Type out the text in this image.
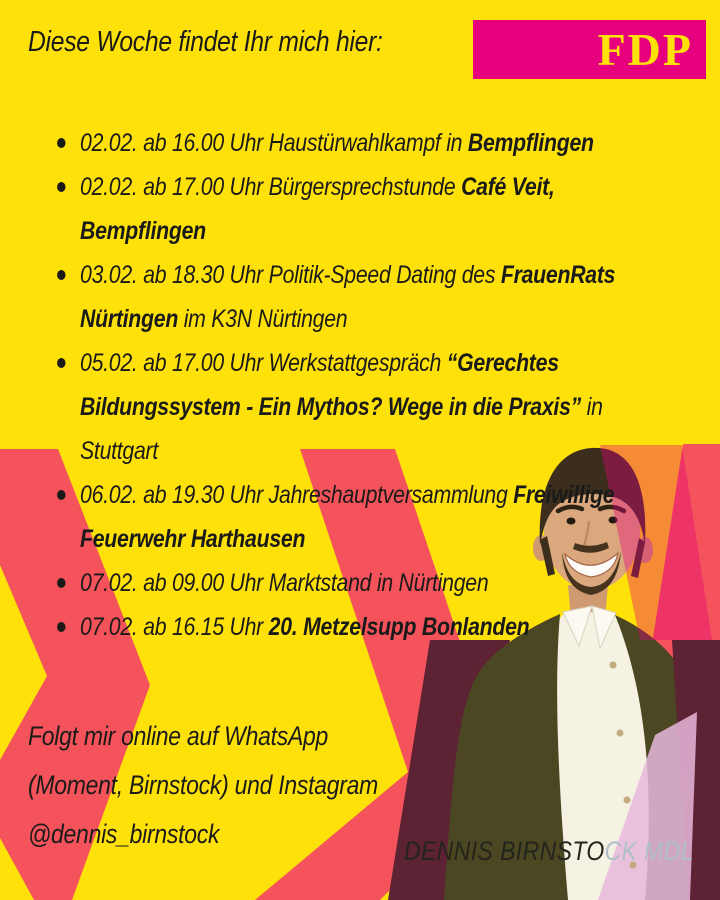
Diese Woche findet Ihr mich hier:	FDP
02.02. ab 16.00 Uhr Haustürwahlkampf in Bempflingen
02.02. ab 17.00 Uhr Bürgersprechstunde Café Veit,
Bempflingen
03.02. ab 18.30 Uhr Politik-Speed Dating des FrauenRats
Nürtingen im K3N Nürtingen
05.02. ab 17.00 Uhr Werkstattgespräch “Gerechtes
Bildungssystem - Ein Mythos? Wege in die Praxis” in
Stuttgart
06.02. ab 19.30 Uhr Jahreshauptversammlung Freiwillige
Feuerwehr Harthausen
07.02. ab 09.00 Uhr Marktstand in Nürtingen
07.02. ab 16.15 Uhr 20. Metzelsupp Bonlanden
Folgt mir online auf WhatsApp
(Moment, Birnstock) und Instagram
@dennis_birnstock
DENNIS BIRNSTOCK MDL
